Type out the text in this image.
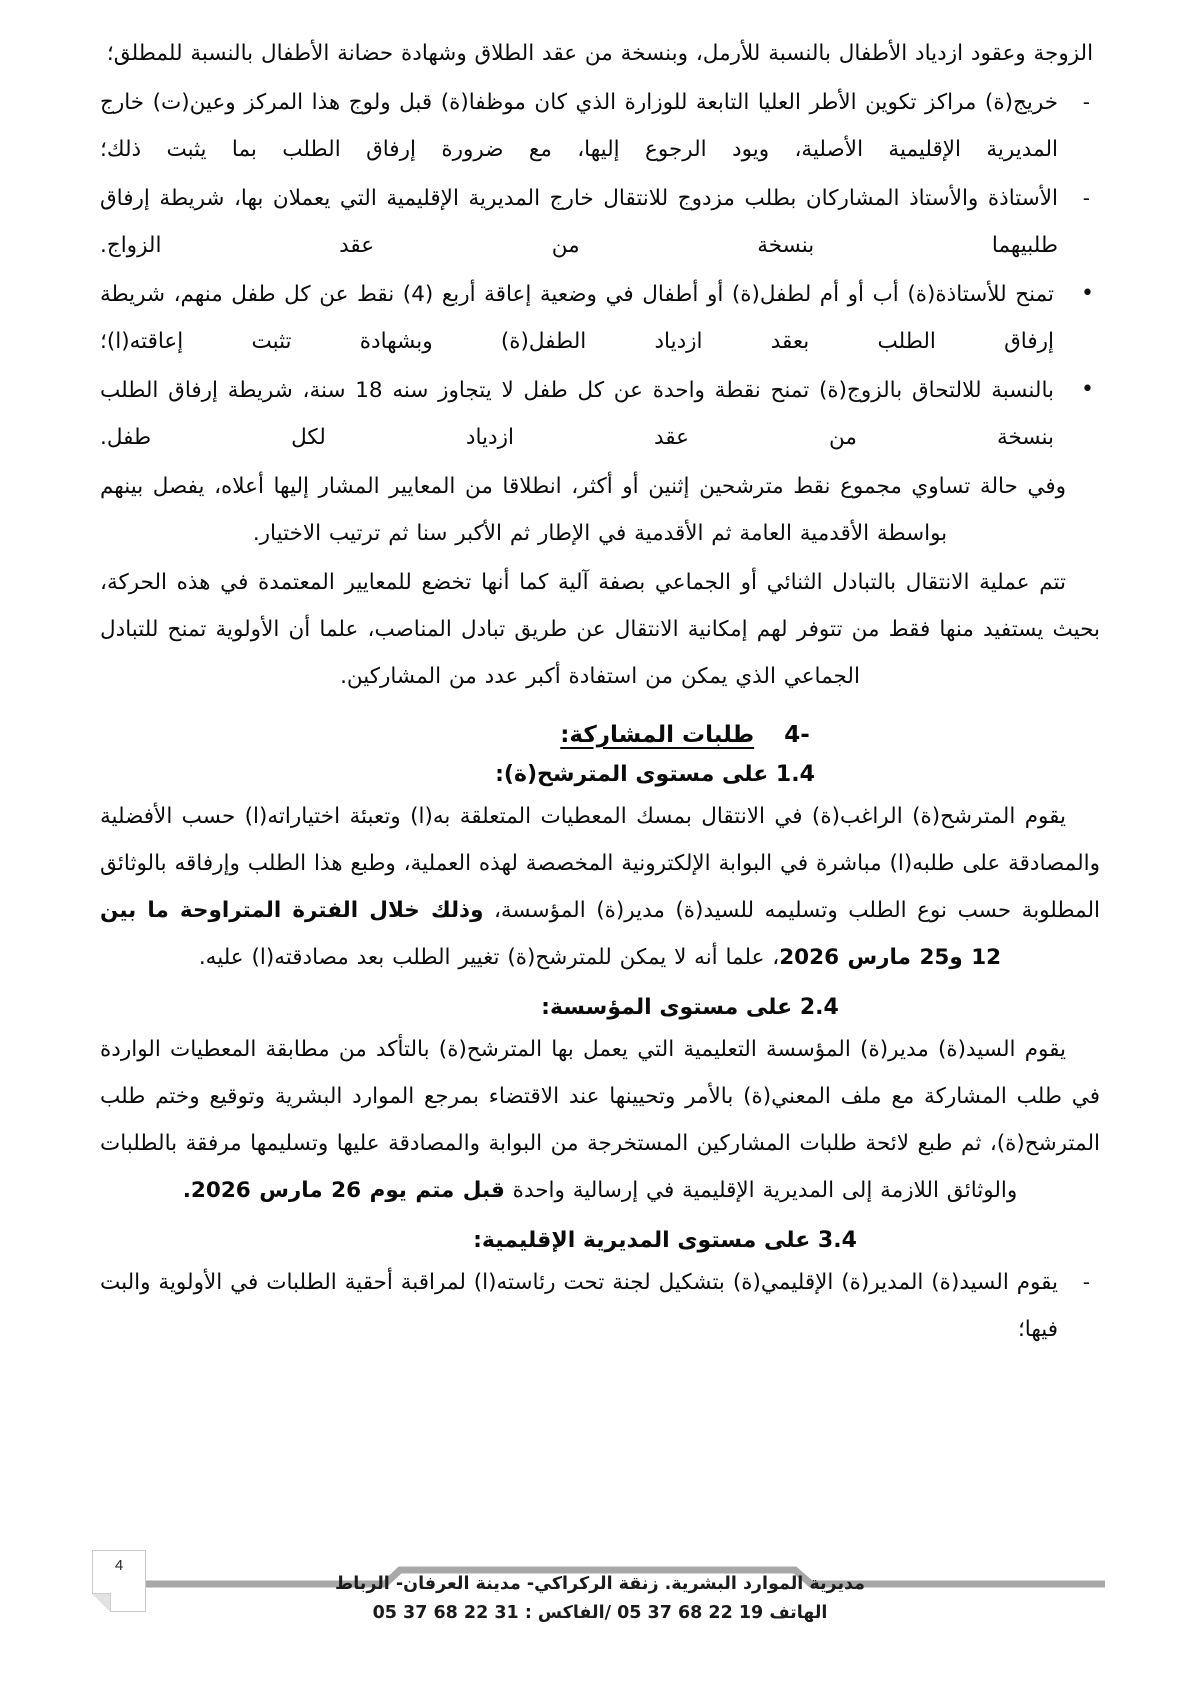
الزوجة وعقود ازدياد الأطفال بالنسبة للأرمل، وبنسخة من عقد الطلاق وشهادة حضانة الأطفال بالنسبة للمطلق؛

-
خريج(ة) مراكز تكوين الأطر العليا التابعة للوزارة الذي كان موظفا(ة) قبل ولوج هذا المركز وعين(ت) خارج المديرية الإقليمية الأصلية، ويود الرجوع إليها، مع ضرورة إرفاق الطلب بما يثبت ذلك؛
-
الأستاذة والأستاذ المشاركان بطلب مزدوج للانتقال خارج المديرية الإقليمية التي يعملان بها، شريطة إرفاق طلبيهما بنسخة من عقد الزواج.
•
تمنح للأستاذة(ة) أب أو أم لطفل(ة) أو أطفال في وضعية إعاقة أربع (4) نقط عن كل طفل منهم، شريطة إرفاق الطلب بعقد ازدياد الطفل(ة) وبشهادة تثبت إعاقته(ا)؛
•
بالنسبة للالتحاق بالزوج(ة) تمنح نقطة واحدة عن كل طفل لا يتجاوز سنه 18 سنة، شريطة إرفاق الطلب بنسخة من عقد ازدياد لكل طفل.

وفي حالة تساوي مجموع نقط مترشحين إثنين أو أكثر، انطلاقا من المعايير المشار إليها أعلاه، يفصل بينهم بواسطة الأقدمية العامة ثم الأقدمية في الإطار ثم الأكبر سنا ثم ترتيب الاختيار.

تتم عملية الانتقال بالتبادل الثنائي أو الجماعي بصفة آلية كما أنها تخضع للمعايير المعتمدة في هذه الحركة، بحيث يستفيد منها فقط من تتوفر لهم إمكانية الانتقال عن طريق تبادل المناصب، علما أن الأولوية تمنح للتبادل الجماعي الذي يمكن من استفادة أكبر عدد من المشاركين.

-4  طلبات المشاركة:
1.4 على مستوى المترشح(ة):

يقوم المترشح(ة) الراغب(ة) في الانتقال بمسك المعطيات المتعلقة به(ا) وتعبئة اختياراته(ا) حسب الأفضلية والمصادقة على طلبه(ا) مباشرة في البوابة الإلكترونية المخصصة لهذه العملية، وطبع هذا الطلب وإرفاقه بالوثائق المطلوبة حسب نوع الطلب وتسليمه للسيد(ة) مدير(ة) المؤسسة، وذلك خلال الفترة المتراوحة ما بين 12 و25 مارس 2026، علما أنه لا يمكن للمترشح(ة) تغيير الطلب بعد مصادقته(ا) عليه.

2.4 على مستوى المؤسسة:

يقوم السيد(ة) مدير(ة) المؤسسة التعليمية التي يعمل بها المترشح(ة) بالتأكد من مطابقة المعطيات الواردة في طلب المشاركة مع ملف المعني(ة) بالأمر وتحيينها عند الاقتضاء بمرجع الموارد البشرية وتوقيع وختم طلب المترشح(ة)، ثم طبع لائحة طلبات المشاركين المستخرجة من البوابة والمصادقة عليها وتسليمها مرفقة بالطلبات والوثائق اللازمة إلى المديرية الإقليمية في إرسالية واحدة قبل متم يوم 26 مارس 2026.

3.4 على مستوى المديرية الإقليمية:
-
يقوم السيد(ة) المدير(ة) الإقليمي(ة) بتشكيل لجنة تحت رئاسته(ا) لمراقبة أحقية الطلبات في الأولوية والبت فيها؛
مديرية الموارد البشرية. زنقة الركراكي- مدينة العرفان- الرباط
الهاتف 19 22 68 37 05 /الفاكس : 31 22 68 37 05
4
